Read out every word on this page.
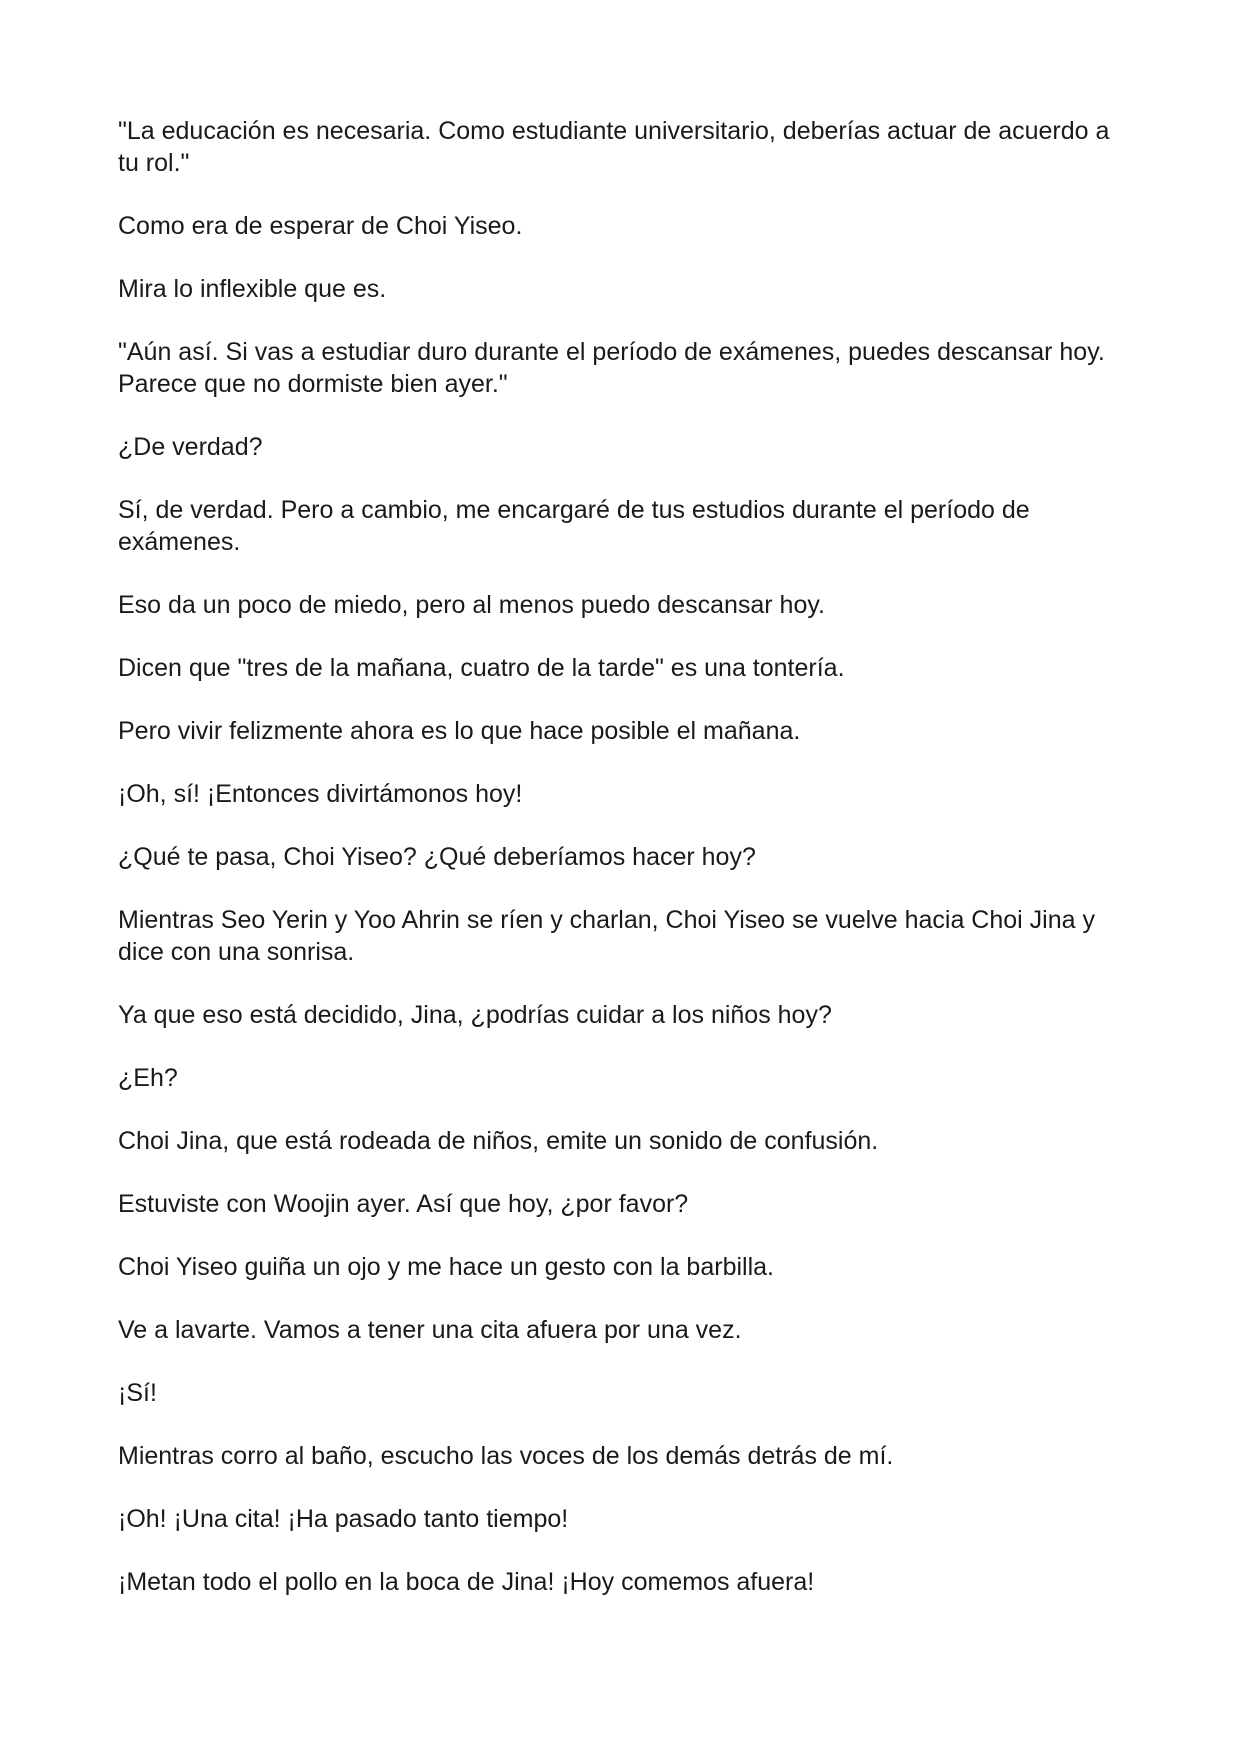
"La educación es necesaria. Como estudiante universitario, deberías actuar de acuerdo a tu rol."

Como era de esperar de Choi Yiseo.

Mira lo inflexible que es.

"Aún así. Si vas a estudiar duro durante el período de exámenes, puedes descansar hoy. Parece que no dormiste bien ayer."

¿De verdad?

Sí, de verdad. Pero a cambio, me encargaré de tus estudios durante el período de exámenes.

Eso da un poco de miedo, pero al menos puedo descansar hoy.

Dicen que "tres de la mañana, cuatro de la tarde" es una tontería.

Pero vivir felizmente ahora es lo que hace posible el mañana.

¡Oh, sí! ¡Entonces divirtámonos hoy!

¿Qué te pasa, Choi Yiseo? ¿Qué deberíamos hacer hoy?

Mientras Seo Yerin y Yoo Ahrin se ríen y charlan, Choi Yiseo se vuelve hacia Choi Jina y dice con una sonrisa.

Ya que eso está decidido, Jina, ¿podrías cuidar a los niños hoy?

¿Eh?

Choi Jina, que está rodeada de niños, emite un sonido de confusión.

Estuviste con Woojin ayer. Así que hoy, ¿por favor?

Choi Yiseo guiña un ojo y me hace un gesto con la barbilla.

Ve a lavarte. Vamos a tener una cita afuera por una vez.

¡Sí!

Mientras corro al baño, escucho las voces de los demás detrás de mí.

¡Oh! ¡Una cita! ¡Ha pasado tanto tiempo!

¡Metan todo el pollo en la boca de Jina! ¡Hoy comemos afuera!
